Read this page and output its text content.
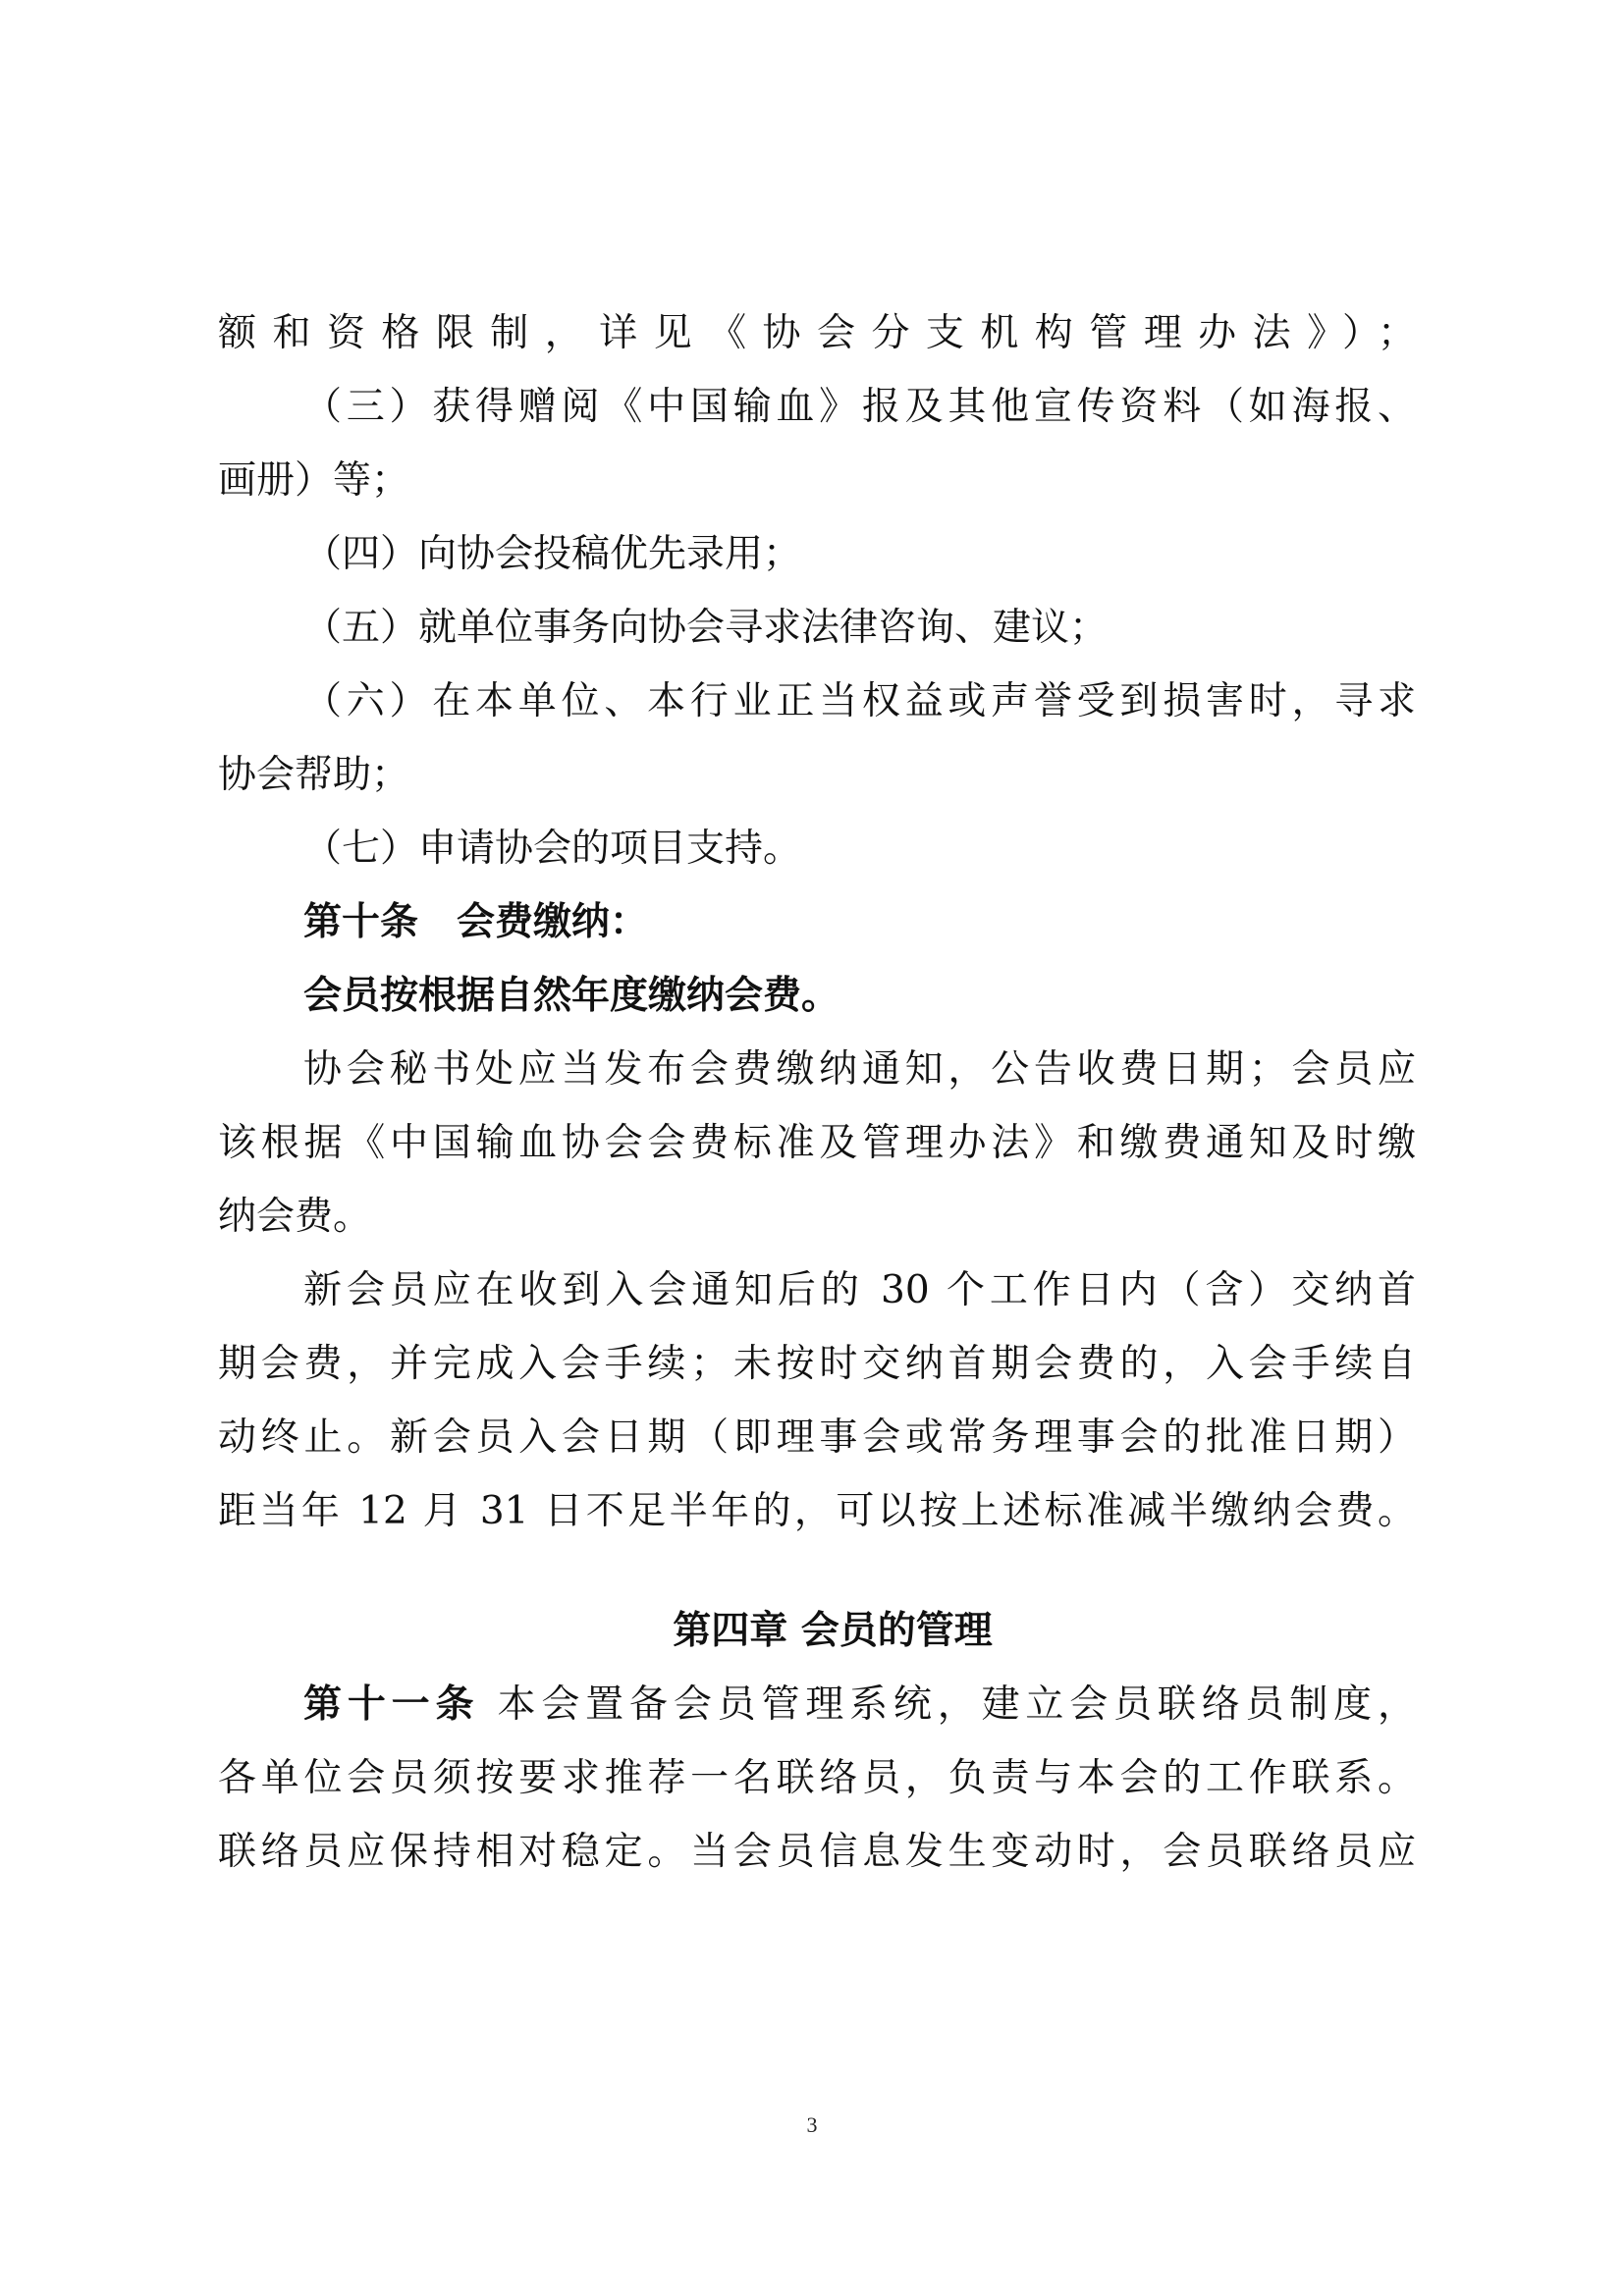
额和资格限制，详见《协会分支机构管理办法》）；
（三）获得赠阅《中国输血》报及其他宣传资料（如海报、
画册）等；
（四）向协会投稿优先录用；
（五）就单位事务向协会寻求法律咨询、建议；
（六）在本单位、本行业正当权益或声誉受到损害时，寻求
协会帮助；
（七）申请协会的项目支持。
第十条　会费缴纳：
会员按根据自然年度缴纳会费。
协会秘书处应当发布会费缴纳通知，公告收费日期；会员应
该根据《中国输血协会会费标准及管理办法》和缴费通知及时缴
纳会费。
新会员应在收到入会通知后的 30 个工作日内（含）交纳首
期会费，并完成入会手续；未按时交纳首期会费的，入会手续自
动终止。新会员入会日期（即理事会或常务理事会的批准日期）
距当年 12 月 31 日不足半年的，可以按上述标准减半缴纳会费。
第四章 会员的管理
第十一条 本会置备会员管理系统，建立会员联络员制度，
各单位会员须按要求推荐一名联络员，负责与本会的工作联系。
联络员应保持相对稳定。当会员信息发生变动时，会员联络员应
3
